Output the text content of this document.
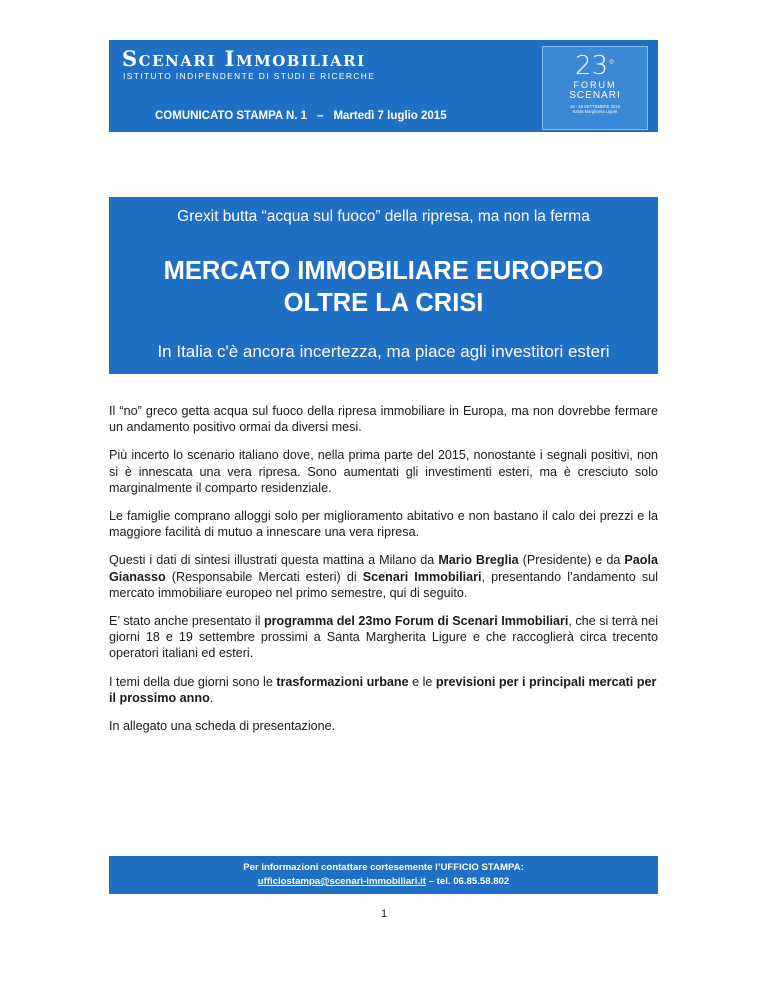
Scenari Immobiliari
ISTITUTO INDIPENDENTE DI STUDI E RICERCHE
COMUNICATO STAMPA N. 1 – Martedì 7 luglio 2015
23°
FORUM
SCENARI
18 - 19 SETTEMBRE 2015
Santa Margherita Ligure
Grexit butta “acqua sul fuoco” della ripresa, ma non la ferma
MERCATO IMMOBILIARE EUROPEO
OLTRE LA CRISI
In Italia c'è ancora incertezza, ma piace agli investitori esteri

Il “no” greco getta acqua sul fuoco della ripresa immobiliare in Europa, ma non dovrebbe fermare un andamento positivo ormai da diversi mesi.

Più incerto lo scenario italiano dove, nella prima parte del 2015, nonostante i segnali positivi, non si è innescata una vera ripresa. Sono aumentati gli investimenti esteri, ma è cresciuto solo marginalmente il comparto residenziale.

Le famiglie comprano alloggi solo per miglioramento abitativo e non bastano il calo dei prezzi e la maggiore facilità di mutuo a innescare una vera ripresa.

Questi i dati di sintesi illustrati questa mattina a Milano da Mario Breglia (Presidente) e da Paola Gianasso (Responsabile Mercati esteri) di Scenari Immobiliari, presentando l’andamento sul mercato immobiliare europeo nel primo semestre, qui di seguito.

E’ stato anche presentato il programma del 23mo Forum di Scenari Immobiliari, che si terrà nei giorni 18 e 19 settembre prossimi a Santa Margherita Ligure e che raccoglierà circa trecento operatori italiani ed esteri.

I temi della due giorni sono le trasformazioni urbane e le previsioni per i principali mercati per il prossimo anno.

In allegato una scheda di presentazione.

Per informazioni contattare cortesemente l’UFFICIO STAMPA:
ufficiostampa@scenari-immobiliari.it – tel. 06.85.58.802
1
